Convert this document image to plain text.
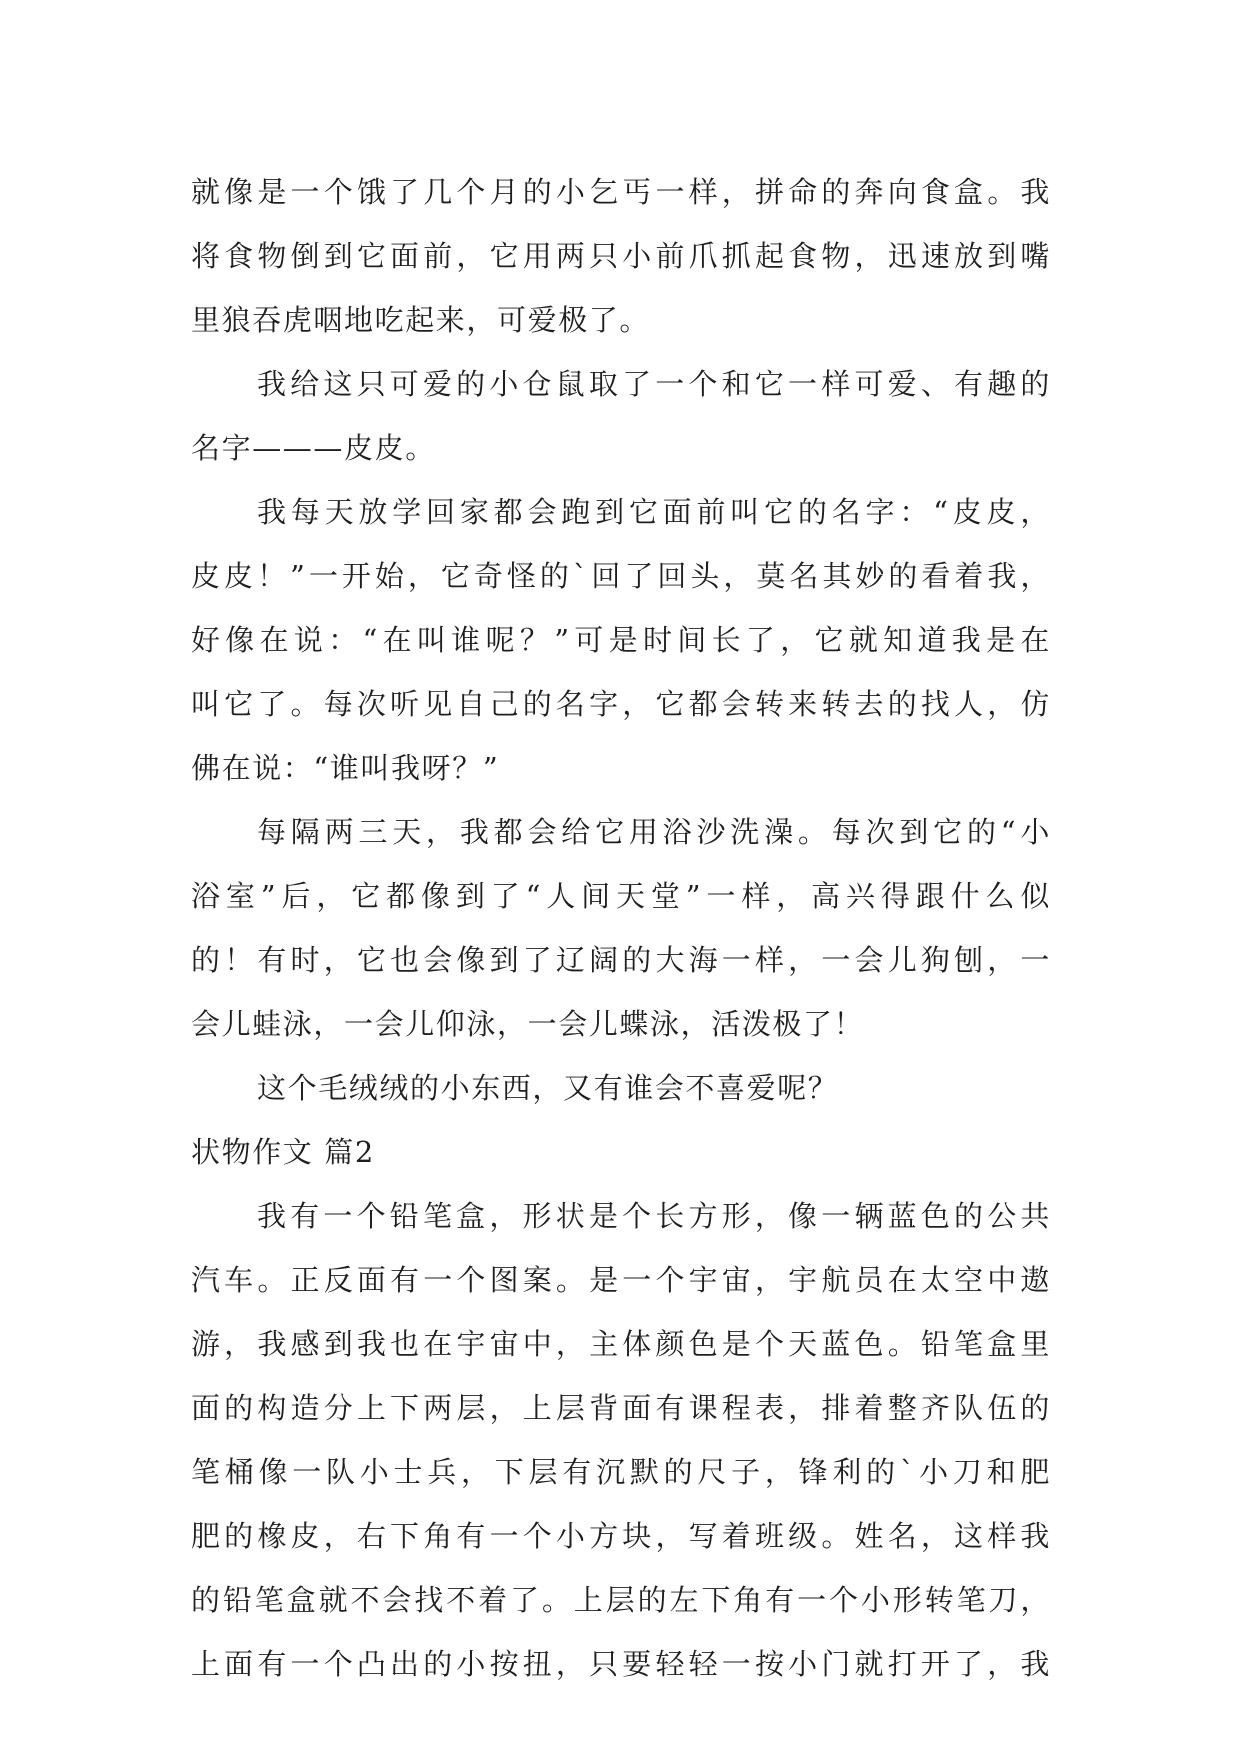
就像是一个饿了几个月的小乞丐一样，拼命的奔向食盒。我
将食物倒到它面前，它用两只小前爪抓起食物，迅速放到嘴
里狼吞虎咽地吃起来，可爱极了。
我给这只可爱的小仓鼠取了一个和它一样可爱、有趣的
名字———皮皮。
我每天放学回家都会跑到它面前叫它的名字：“皮皮，
皮皮！”一开始，它奇怪的`回了回头，莫名其妙的看着我，
好像在说：“在叫谁呢？”可是时间长了，它就知道我是在
叫它了。每次听见自己的名字，它都会转来转去的找人，仿
佛在说：“谁叫我呀？”
每隔两三天，我都会给它用浴沙洗澡。每次到它的“小
浴室”后，它都像到了“人间天堂”一样，高兴得跟什么似
的！有时，它也会像到了辽阔的大海一样，一会儿狗刨，一
会儿蛙泳，一会儿仰泳，一会儿蝶泳，活泼极了！
这个毛绒绒的小东西，又有谁会不喜爱呢？
状物作文 篇2
我有一个铅笔盒，形状是个长方形，像一辆蓝色的公共
汽车。正反面有一个图案。是一个宇宙，宇航员在太空中遨
游，我感到我也在宇宙中，主体颜色是个天蓝色。铅笔盒里
面的构造分上下两层，上层背面有课程表，排着整齐队伍的
笔桶像一队小士兵，下层有沉默的尺子，锋利的`小刀和肥
肥的橡皮，右下角有一个小方块，写着班级。姓名，这样我
的铅笔盒就不会找不着了。上层的左下角有一个小形转笔刀，
上面有一个凸出的小按扭，只要轻轻一按小门就打开了，我
